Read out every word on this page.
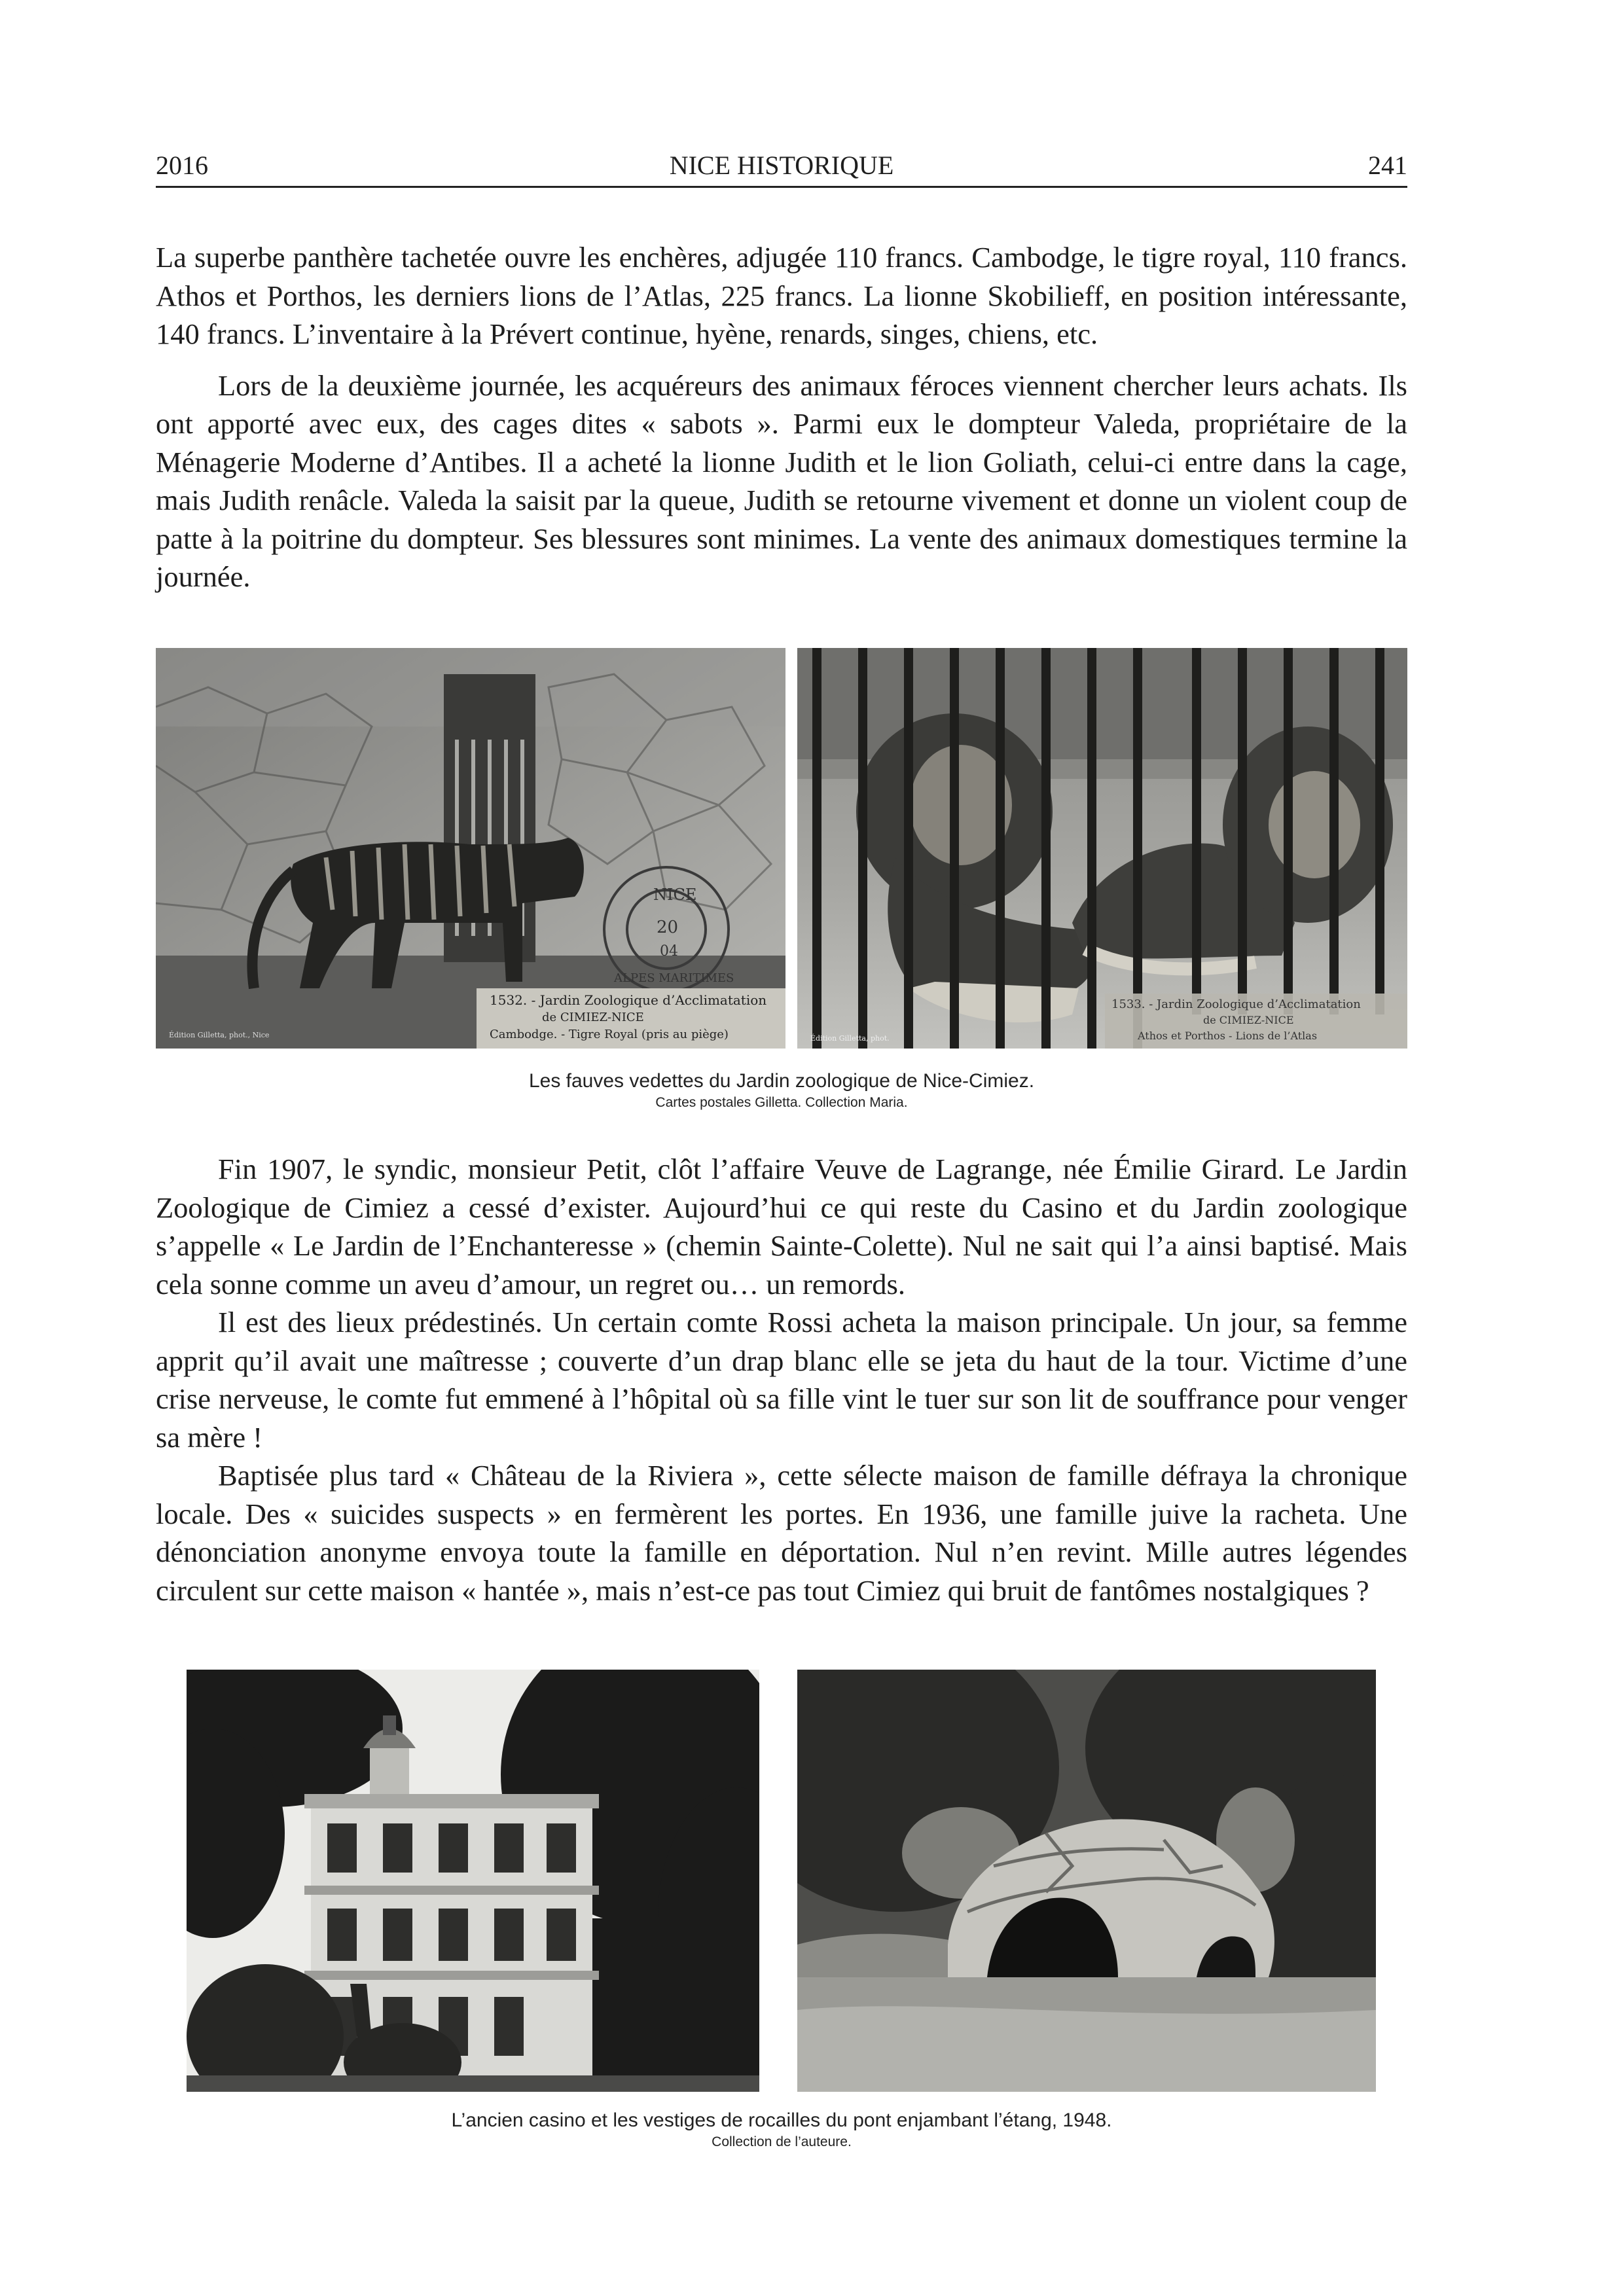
2016	NICE HISTORIQUE	241

La superbe panthère tachetée ouvre les enchères, adjugée 110 francs. Cambodge, le tigre royal, 110 francs. Athos et Porthos, les derniers lions de l’Atlas, 225 francs. La lionne Skobilieff, en position intéressante, 140 francs. L’inventaire à la Prévert continue, hyène, renards, singes, chiens, etc.

Lors de la deuxième journée, les acquéreurs des animaux féroces viennent chercher leurs achats. Ils ont apporté avec eux, des cages dites « sabots ». Parmi eux le dompteur Valeda, propriétaire de la Ménagerie Moderne d’Antibes. Il a acheté la lionne Judith et le lion Goliath, celui-ci entre dans la cage, mais Judith renâcle. Valeda la saisit par la queue, Judith se retourne vivement et donne un violent coup de patte à la poitrine du dompteur. Ses blessures sont minimes. La vente des animaux domestiques termine la journée.

NICE
20
04
ALPES MARITIMES
1532. - Jardin Zoologique d’Acclimatation
de CIMIEZ-NICE
Cambodge. - Tigre Royal (pris au piège)
Édition Gilletta, phot., Nice
1533. - Jardin Zoologique d’Acclimatation
de CIMIEZ-NICE
Athos et Porthos - Lions de l’Atlas
Édition Gilletta, phot.
Les fauves vedettes du Jardin zoologique de Nice-Cimiez.
Cartes postales Gilletta. Collection Maria.

Fin 1907, le syndic, monsieur Petit, clôt l’affaire Veuve de Lagrange, née Émilie Girard. Le Jardin Zoologique de Cimiez a cessé d’exister. Aujourd’hui ce qui reste du Casino et du Jardin zoologique s’appelle « Le Jardin de l’Enchanteresse » (chemin Sainte-Colette). Nul ne sait qui l’a ainsi baptisé. Mais cela sonne comme un aveu d’amour, un regret ou… un remords.

Il est des lieux prédestinés. Un certain comte Rossi acheta la maison principale. Un jour, sa femme apprit qu’il avait une maîtresse ; couverte d’un drap blanc elle se jeta du haut de la tour. Victime d’une crise nerveuse, le comte fut emmené à l’hôpital où sa fille vint le tuer sur son lit de souffrance pour venger sa mère !

Baptisée plus tard « Château de la Riviera », cette sélecte maison de famille défraya la chronique locale. Des « suicides suspects » en fermèrent les portes. En 1936, une famille juive la racheta. Une dénonciation anonyme envoya toute la famille en déportation. Nul n’en revint. Mille autres légendes circulent sur cette maison « hantée », mais n’est-ce pas tout Cimiez qui bruit de fantômes nostalgiques ?

L’ancien casino et les vestiges de rocailles du pont enjambant l’étang, 1948.
Collection de l’auteure.
